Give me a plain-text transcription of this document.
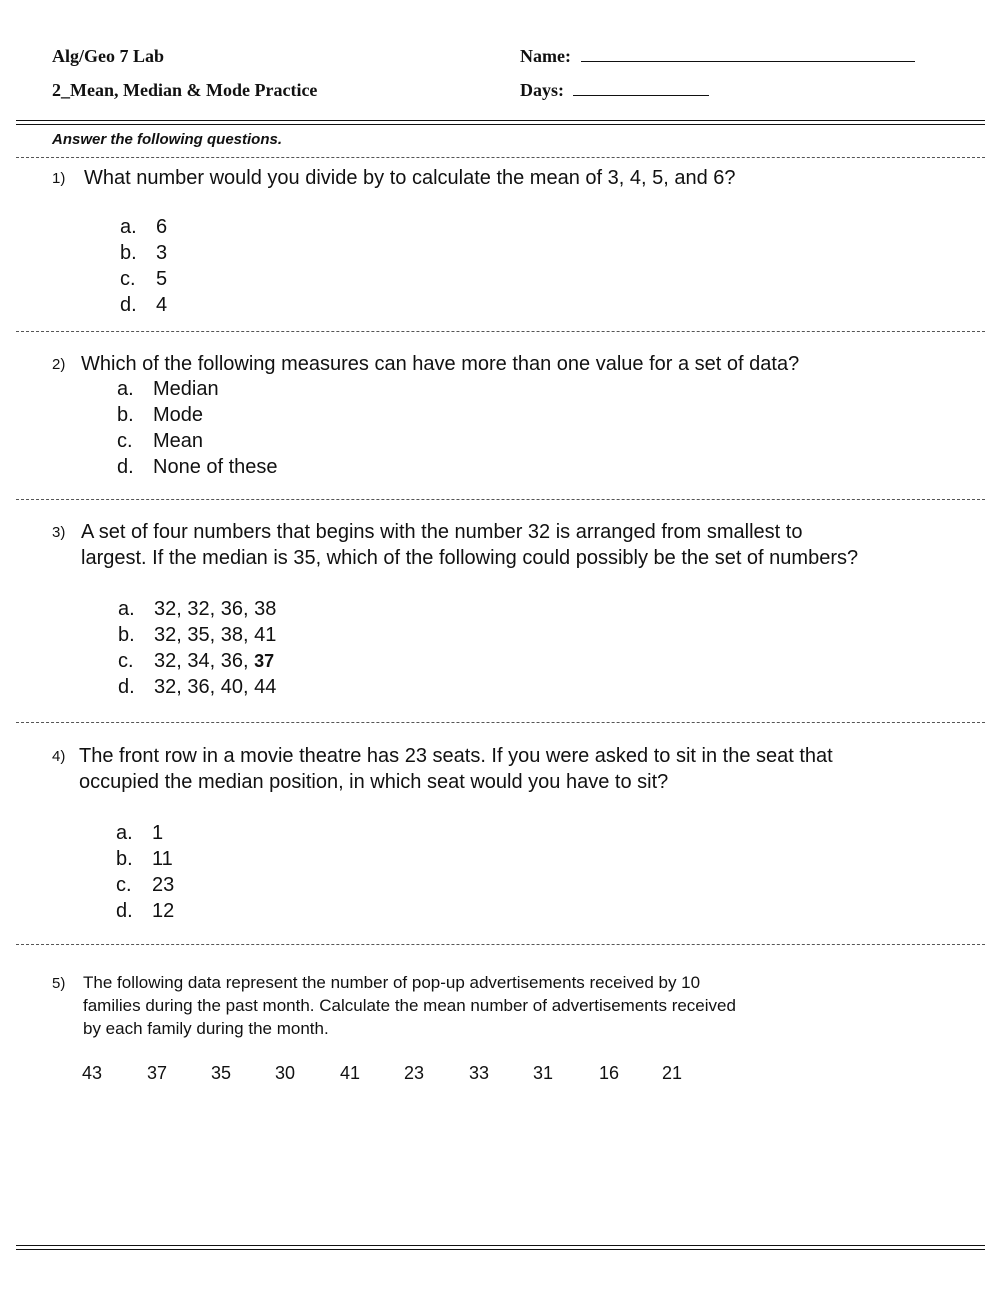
Alg/Geo 7 Lab
2_Mean, Median & Mode Practice
Name:
Days:
Answer the following questions.
1) What number would you divide by to calculate the mean of 3, 4, 5, and 6?
a. 6
b. 3
c. 5
d. 4
2) Which of the following measures can have more than one value for a set of data?
a. Median
b. Mode
c. Mean
d. None of these
3) A set of four numbers that begins with the number 32 is arranged from smallest to
largest. If the median is 35, which of the following could possibly be the set of numbers?
a. 32, 32, 36, 38
b. 32, 35, 38, 41
c. 32, 34, 36, 37
d. 32, 36, 40, 44
4) The front row in a movie theatre has 23 seats. If you were asked to sit in the seat that
occupied the median position, in which seat would you have to sit?
a. 1
b. 11
c. 23
d. 12
5) The following data represent the number of pop-up advertisements received by 10
families during the past month. Calculate the mean number of advertisements received
by each family during the month.
43 37 35 30 41 23 33 31	16 21
